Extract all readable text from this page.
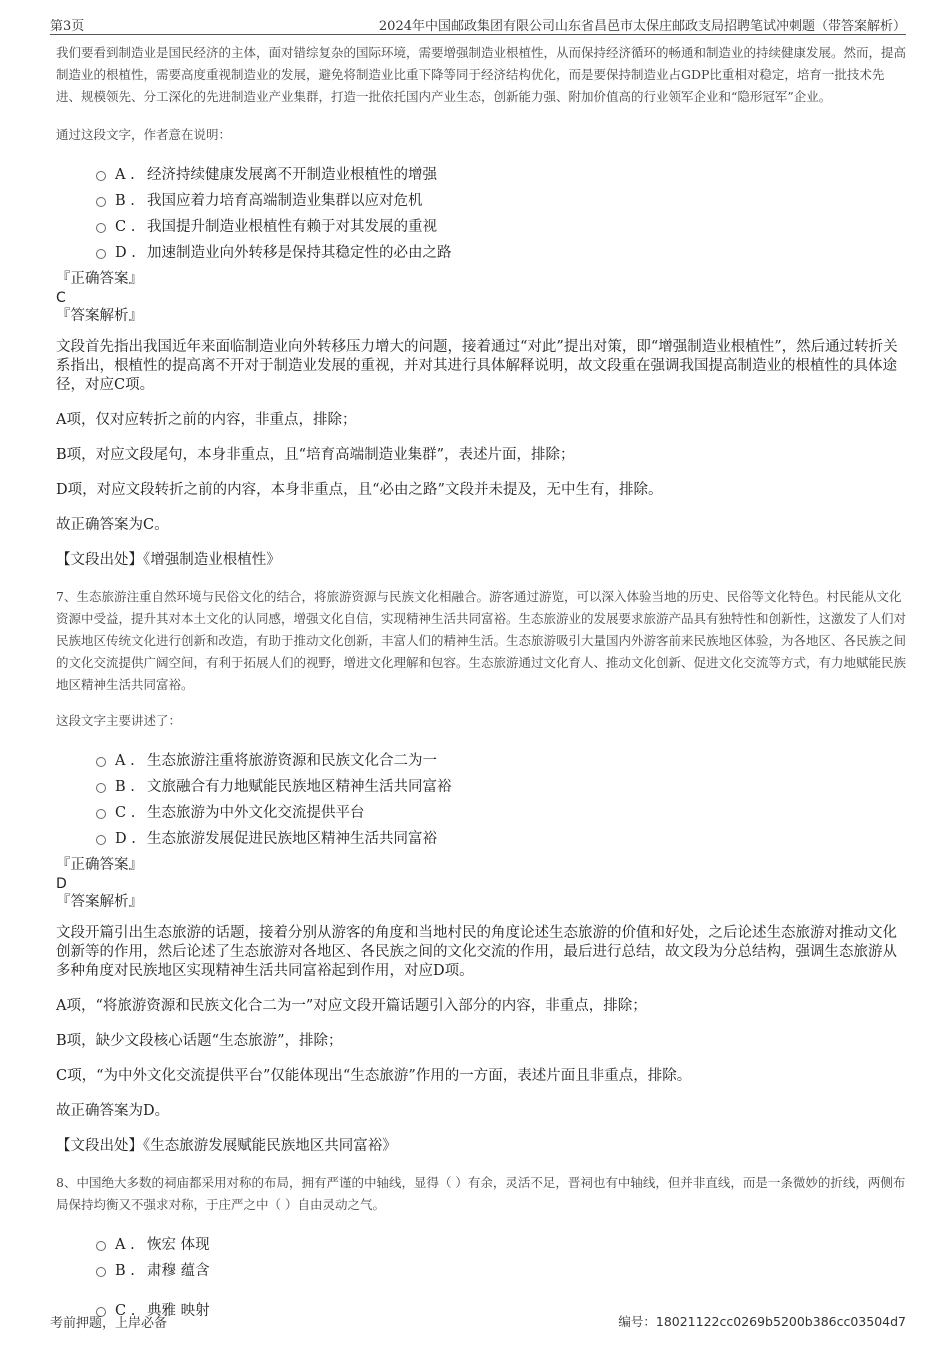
第3页	2024年中国邮政集团有限公司山东省昌邑市太保庄邮政支局招聘笔试冲刺题（带答案解析）

我们要看到制造业是国民经济的主体，面对错综复杂的国际环境，需要增强制造业根植性，从而保持经济循环的畅通和制造业的持续健康发展。然而，提高制造业的根植性，需要高度重视制造业的发展，避免将制造业比重下降等同于经济结构优化，而是要保持制造业占GDP比重相对稳定，培育一批技术先进、规模领先、分工深化的先进制造业产业集群，打造一批依托国内产业生态，创新能力强、附加价值高的行业领军企业和“隐形冠军”企业。

通过这段文字，作者意在说明：

A . 经济持续健康发展离不开制造业根植性的增强
B . 我国应着力培育高端制造业集群以应对危机
C . 我国提升制造业根植性有赖于对其发展的重视
D . 加速制造业向外转移是保持其稳定性的必由之路
『正确答案』
C
『答案解析』

文段首先指出我国近年来面临制造业向外转移压力增大的问题，接着通过“对此”提出对策，即“增强制造业根植性”，然后通过转折关系指出，根植性的提高离不开对于制造业发展的重视，并对其进行具体解释说明，故文段重在强调我国提高制造业的根植性的具体途径，对应C项。

A项，仅对应转折之前的内容，非重点，排除；

B项，对应文段尾句，本身非重点，且“培育高端制造业集群”，表述片面，排除；

D项，对应文段转折之前的内容，本身非重点，且“必由之路”文段并未提及，无中生有，排除。

故正确答案为C。

【文段出处】《增强制造业根植性》

7、生态旅游注重自然环境与民俗文化的结合，将旅游资源与民族文化相融合。游客通过游览，可以深入体验当地的历史、民俗等文化特色。村民能从文化资源中受益，提升其对本土文化的认同感，增强文化自信，实现精神生活共同富裕。生态旅游业的发展要求旅游产品具有独特性和创新性，这激发了人们对民族地区传统文化进行创新和改造，有助于推动文化创新，丰富人们的精神生活。生态旅游吸引大量国内外游客前来民族地区体验，为各地区、各民族之间的文化交流提供广阔空间，有利于拓展人们的视野，增进文化理解和包容。生态旅游通过文化育人、推动文化创新、促进文化交流等方式，有力地赋能民族地区精神生活共同富裕。

这段文字主要讲述了：

A . 生态旅游注重将旅游资源和民族文化合二为一
B . 文旅融合有力地赋能民族地区精神生活共同富裕
C . 生态旅游为中外文化交流提供平台
D . 生态旅游发展促进民族地区精神生活共同富裕
『正确答案』
D
『答案解析』

文段开篇引出生态旅游的话题，接着分别从游客的角度和当地村民的角度论述生态旅游的价值和好处，之后论述生态旅游对推动文化创新等的作用，然后论述了生态旅游对各地区、各民族之间的文化交流的作用，最后进行总结，故文段为分总结构，强调生态旅游从多种角度对民族地区实现精神生活共同富裕起到作用，对应D项。

A项，“将旅游资源和民族文化合二为一”对应文段开篇话题引入部分的内容，非重点，排除；

B项，缺少文段核心话题“生态旅游”，排除；

C项，“为中外文化交流提供平台”仅能体现出“生态旅游”作用的一方面，表述片面且非重点，排除。

故正确答案为D。

【文段出处】《生态旅游发展赋能民族地区共同富裕》

8、中国绝大多数的祠庙都采用对称的布局，拥有严谨的中轴线，显得（ ）有余，灵活不足，晋祠也有中轴线，但并非直线，而是一条微妙的折线，两侧布局保持均衡又不强求对称，于庄严之中（ ）自由灵动之气。

A . 恢宏 体现
B . 肃穆 蕴含
C . 典雅 映射
考前押题，上岸必备	编号：18021122cc0269b5200b386cc03504d7
